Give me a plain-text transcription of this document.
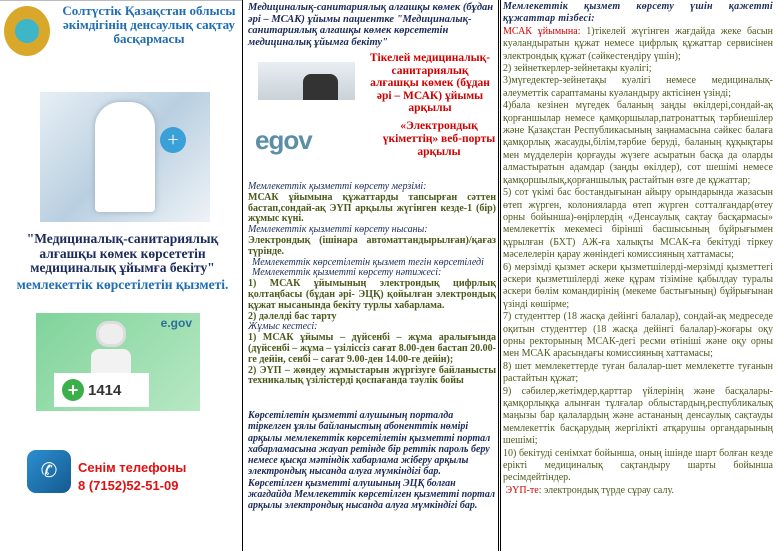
Солтүстік Қазақстан облысы әкімдігінің денсаулық сақтау басқармасы
+
"Медициналық-санитариялық алғашқы көмек көрсететін медициналық ұйымға бекіту"
мемлекеттік көрсетілетін қызметі.
e.gov
+ 1414
✆	Сенім телефоны
8 (7152)52-51-09
Медициналық-санитариялық алғашқы көмек (бұдан әрі – МСАК) ұйымы пациентке "Медициналық-санитариялық алғашқы көмек көрсететін медициналық ұйымға бекіту"
Тікелей медициналық-санитариялық алғашқы көмек (бұдан әрі – МСАК) ұйымы арқылы
egov	«Электрондық үкіметтің» веб-порты арқылы

Мемлекеттік қызметті көрсету мерзімі:

МСАК ұйымына құжаттарды тапсырған сәттен бастап,сондай-ақ ЭҮП арқылы жүгінген кезде-1 (бір) жұмыс күні.

Мемлекеттік қызметті көрсету нысаны:

Электрондық (ішінара автоматтандырылған)/қағаз түрінде.

Мемлекеттік көрсетілетін қызмет тегін көрсетіледі

Мемлекеттік қызметті көрсету нәтижесі:

1) МСАК ұйымының электрондық цифрлық қолтаңбасы (бұдан әрі- ЭЦҚ) қойылған электрондық құжат нысанында бекіту турлы хабарлама.

2) дәлелді бас тарту

Жұмыс кестесі:

1) МСАК ұйымы – дүйсенбі – жұма аралығында (дүйсенбі – жұма – үзіліссіз сағат 8.00-ден бастап 20.00-ге дейін, сенбі – сағат 9.00-ден 14.00-ге дейін);

2) ЭҮП – жөндеу жұмыстарын жүргізуге байланысты техникалық үзілістерді қоспағанда тәулік бойы

Көрсетілетін қызметті алушының порталда тіркелген ұялы байланыстың абоненттік нөмірі арқылы мемлекеттік көрсетілетін қызметті портал хабарламасына жауап ретінде бір реттік пароль беру немесе қысқа мәтіндік хабарлама жіберу арқылы электрондық нысанда алуға мүмкіндігі бар.

Көрсетілген қызметті алушының ЭЦҚ болған жағдайда Мемлекеттік көрсетілген қызметті портал арқылы электрондық нысанда алуға мүмкіндігі бар.

Мемлекеттік қызмет көрсету үшін қажетті құжаттар тізбесі:

МСАК ұйымына: 1)тікелей жүгінген жағдайда жеке басын куәландыратын құжат немесе цифрлық құжаттар сервисінен электрондық құжат (сәйкестендіру үшін);

2) зейнеткерлер-зейнетақы куәлігі;

3)мүгедектер-зейнетақы куәлігі немесе медициналық-әлеуметтік сараптаманы куәландыру актісінен үзінді;

4)бала кезінен мүгедек баланың заңды өкілдері,сондай-ақ қорғаншылар немесе қамқоршылар,патронаттық тәрбиешілер және Қазақстан Республикасының заңнамасына сәйкес балаға қамқорлық жасауды,білім,тәрбие беруді, баланың құқықтары мен мүдделерін қорғауды жүзеге асыратын басқа да оларды алмастыратын адамдар (заңды өкілдер), сот шешімі немесе қамқоршылық,қорғаншылық растайтын өзге де құжаттар;

5) сот үкімі бас бостандығынан айыру орындарында жазасын өтеп жүрген, колонияларда өтеп жүрген сотталғандар(өтеу орны бойынша)-өңірлердің «Денсаулық сақтау басқармасы» мемлекеттік мекемесі бірінші басшысының бұйрығымен құрылған (БХТ) АЖ-ға халықты МСАК-ға бекітуді тіркеу мәселелерін қарау жөніндегі комиссияның хаттамасы;

6) мерзімді қызмет әскери қызметшілерді-мерзімді қызметтегі әскери қызметшілерді жеке құрам тізіміне қабылдау туралы әскери бөлім командирінің (мекеме бастығының) бұйрығынан үзінді көшірме;

7) студенттер (18 жасқа дейінгі балалар), сондай-ақ медреседе оқитын студенттер (18 жасқа дейінгі балалар)-жоғары оқу орны ректорының МСАК-дегі ресми өтініші және оқу орны мен МСАК арасындағы комиссияның хаттамасы;

8) шет мемлекеттерде туған балалар-шет мемлекетте туғанын растайтын құжат;

9) сәбилер,жетімдер,қарттар үйлерінің және басқалары-қамқорлыққа алынған тұлғалар облыстардың,республикалық маңызы бар қалалардың және астананың денсаулық сақтауды мемлекеттік басқарудың жергілікті атқарушы органдарының шешімі;

10) бекітуді сенімхат бойынша, оның ішінде шарт болған кезде ерікті медициналық сақтандыру шарты бойынша ресімдейтіндер.

ЭҮП-те: электрондық түрде сұрау салу.
